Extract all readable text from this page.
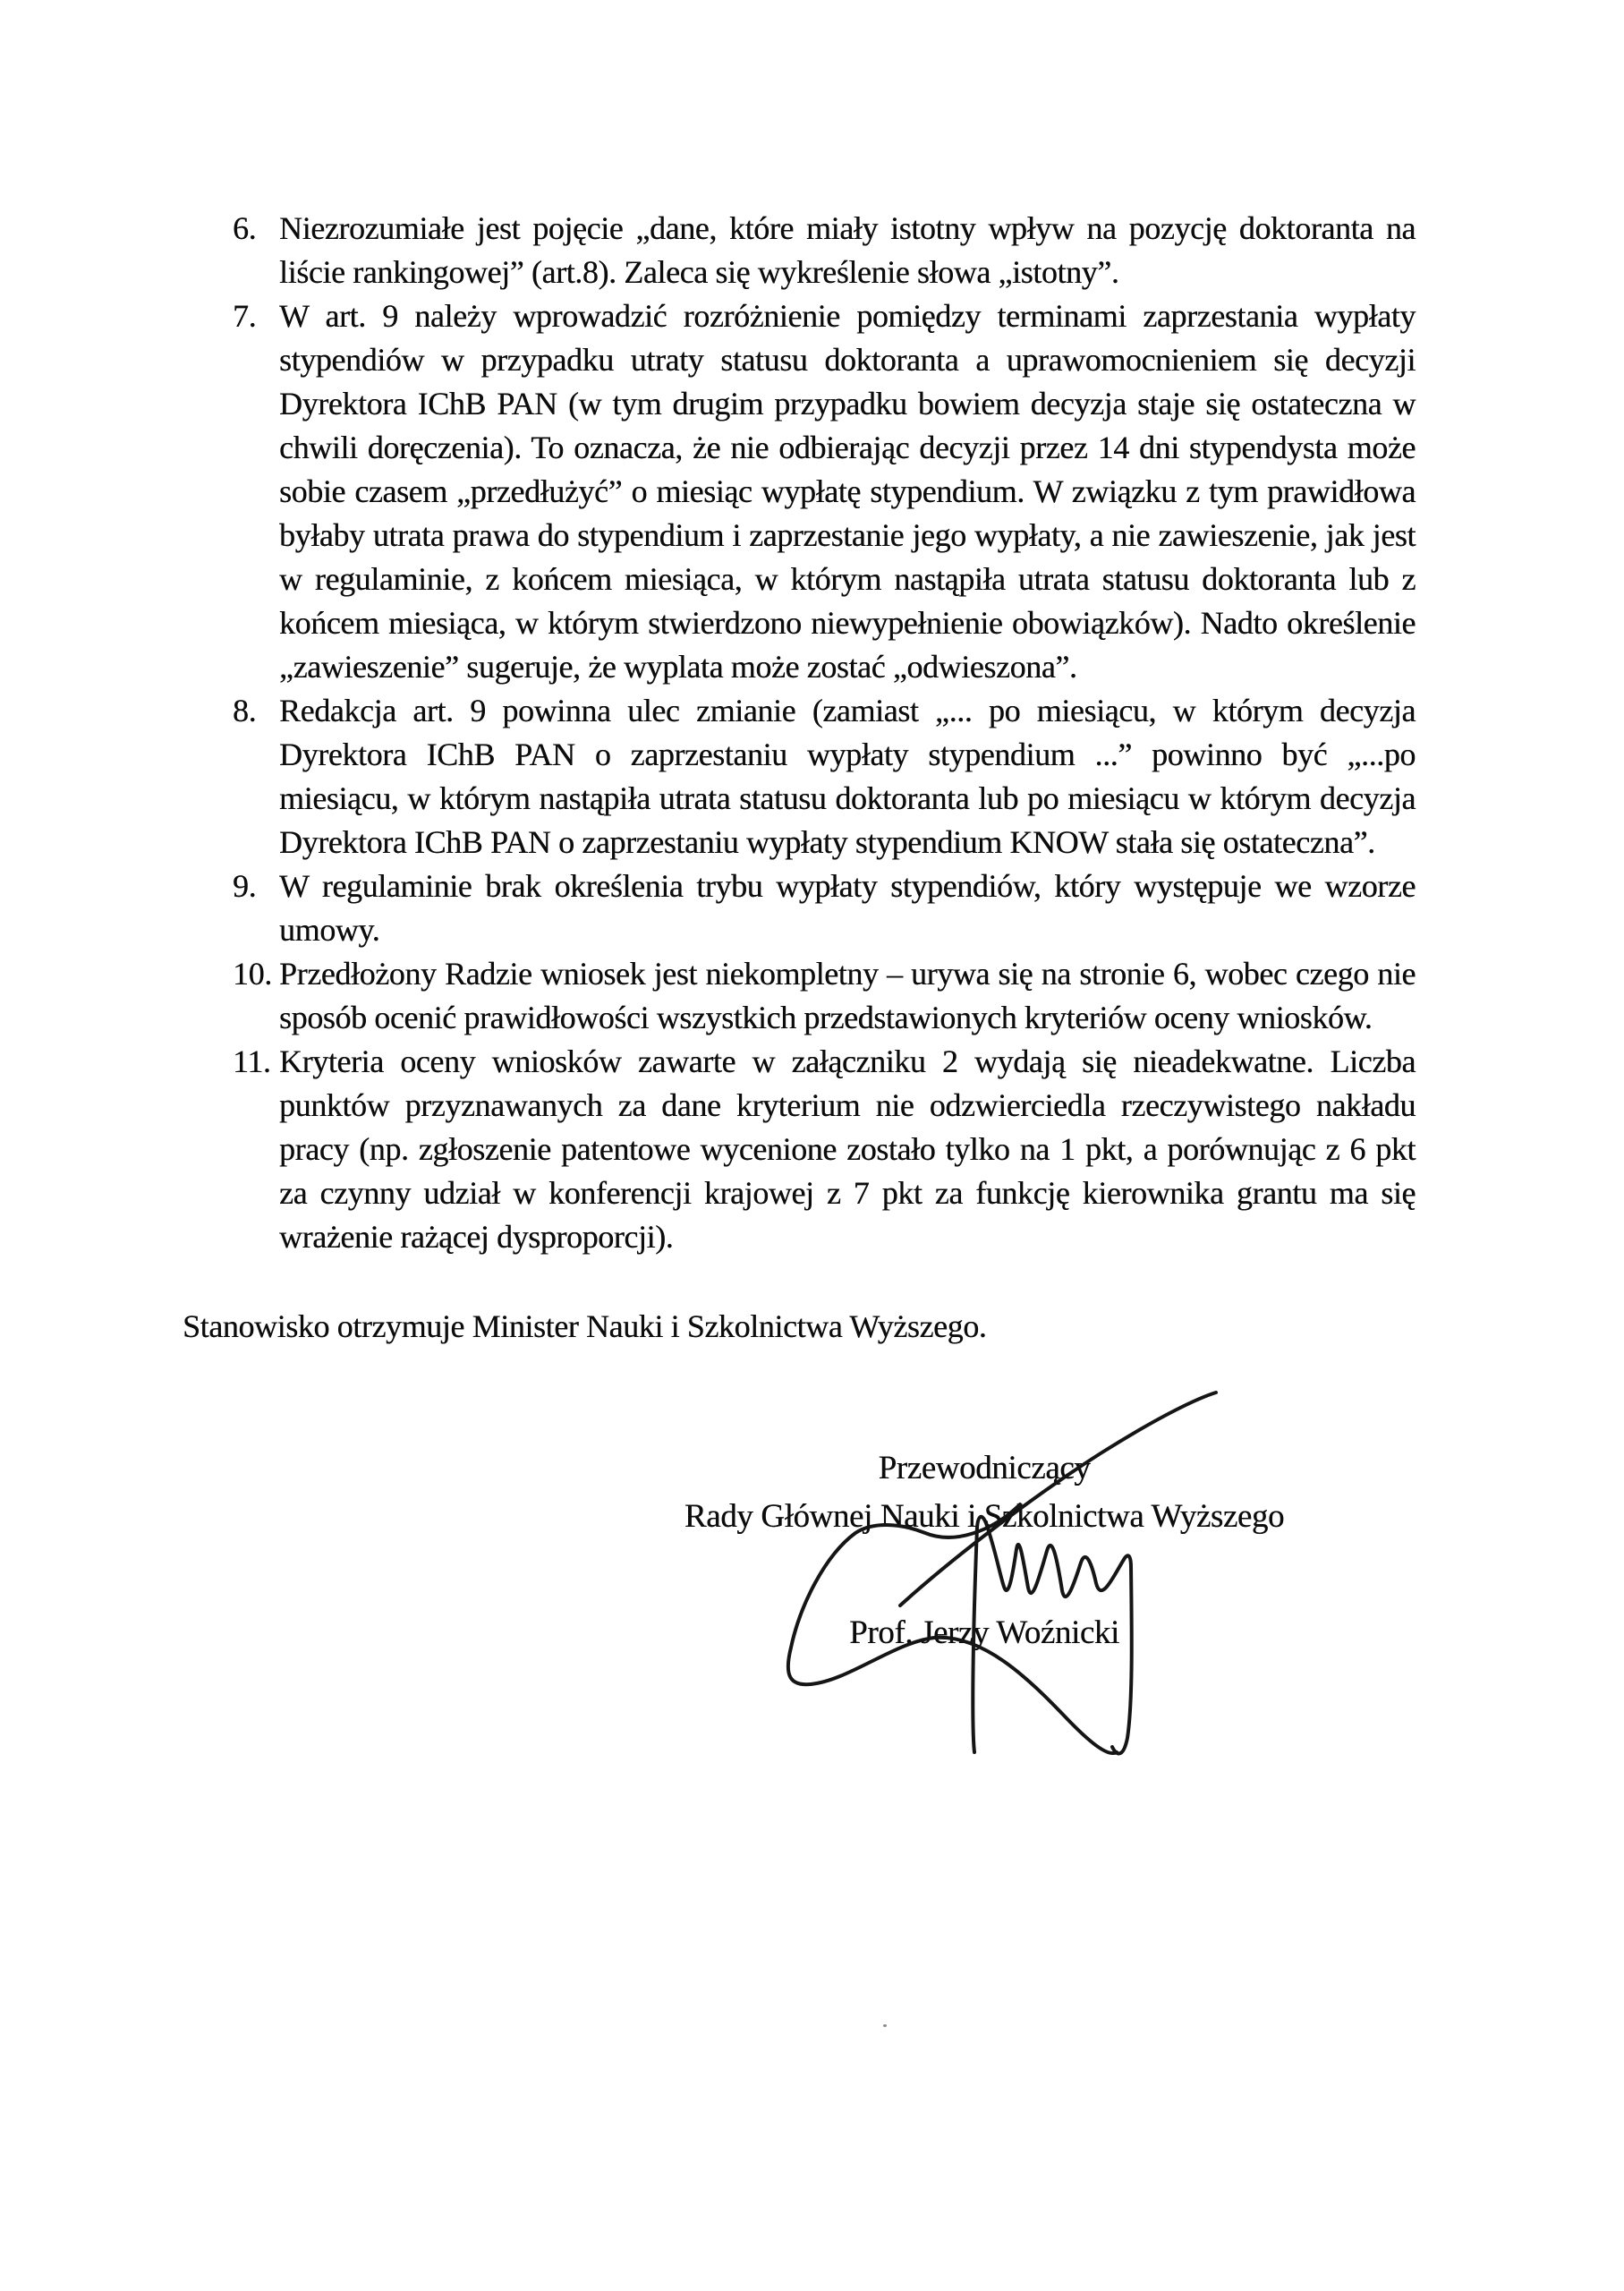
6. Niezrozumiałe jest pojęcie „dane, które miały istotny wpływ na pozycję doktoranta na liście rankingowej” (art.8). Zaleca się wykreślenie słowa „istotny”.
7. W art. 9 należy wprowadzić rozróżnienie pomiędzy terminami zaprzestania wypłaty stypendiów w przypadku utraty statusu doktoranta a uprawomocnieniem się decyzji Dyrektora IChB PAN (w tym drugim przypadku bowiem decyzja staje się ostateczna w chwili doręczenia). To oznacza, że nie odbierając decyzji przez 14 dni stypendysta może sobie czasem „przedłużyć” o miesiąc wypłatę stypendium. W związku z tym prawidłowa byłaby utrata prawa do stypendium i zaprzestanie jego wypłaty, a nie zawieszenie, jak jest w regulaminie, z końcem miesiąca, w którym nastąpiła utrata statusu doktoranta lub z końcem miesiąca, w którym stwierdzono niewypełnienie obowiązków). Nadto określenie „zawieszenie” sugeruje, że wyplata może zostać „odwieszona”.
8. Redakcja art. 9 powinna ulec zmianie (zamiast „... po miesiącu, w którym decyzja Dyrektora IChB PAN o zaprzestaniu wypłaty stypendium ...” powinno być „...po miesiącu, w którym nastąpiła utrata statusu doktoranta lub po miesiącu w którym decyzja Dyrektora IChB PAN o zaprzestaniu wypłaty stypendium KNOW stała się ostateczna”.
9. W regulaminie brak określenia trybu wypłaty stypendiów, który występuje we wzorze umowy.
10. Przedłożony Radzie wniosek jest niekompletny – urywa się na stronie 6, wobec czego nie sposób ocenić prawidłowości wszystkich przedstawionych kryteriów oceny wniosków.
11. Kryteria oceny wniosków zawarte w załączniku 2 wydają się nieadekwatne. Liczba punktów przyznawanych za dane kryterium nie odzwierciedla rzeczywistego nakładu pracy (np. zgłoszenie patentowe wycenione zostało tylko na 1 pkt, a porównując z 6 pkt za czynny udział w konferencji krajowej z 7 pkt za funkcję kierownika grantu ma się wrażenie rażącej dysproporcji).

Stanowisko otrzymuje Minister Nauki i Szkolnictwa Wyższego.

Przewodniczący
Rady Głównej Nauki i Szkolnictwa Wyższego
Prof. Jerzy Woźnicki
